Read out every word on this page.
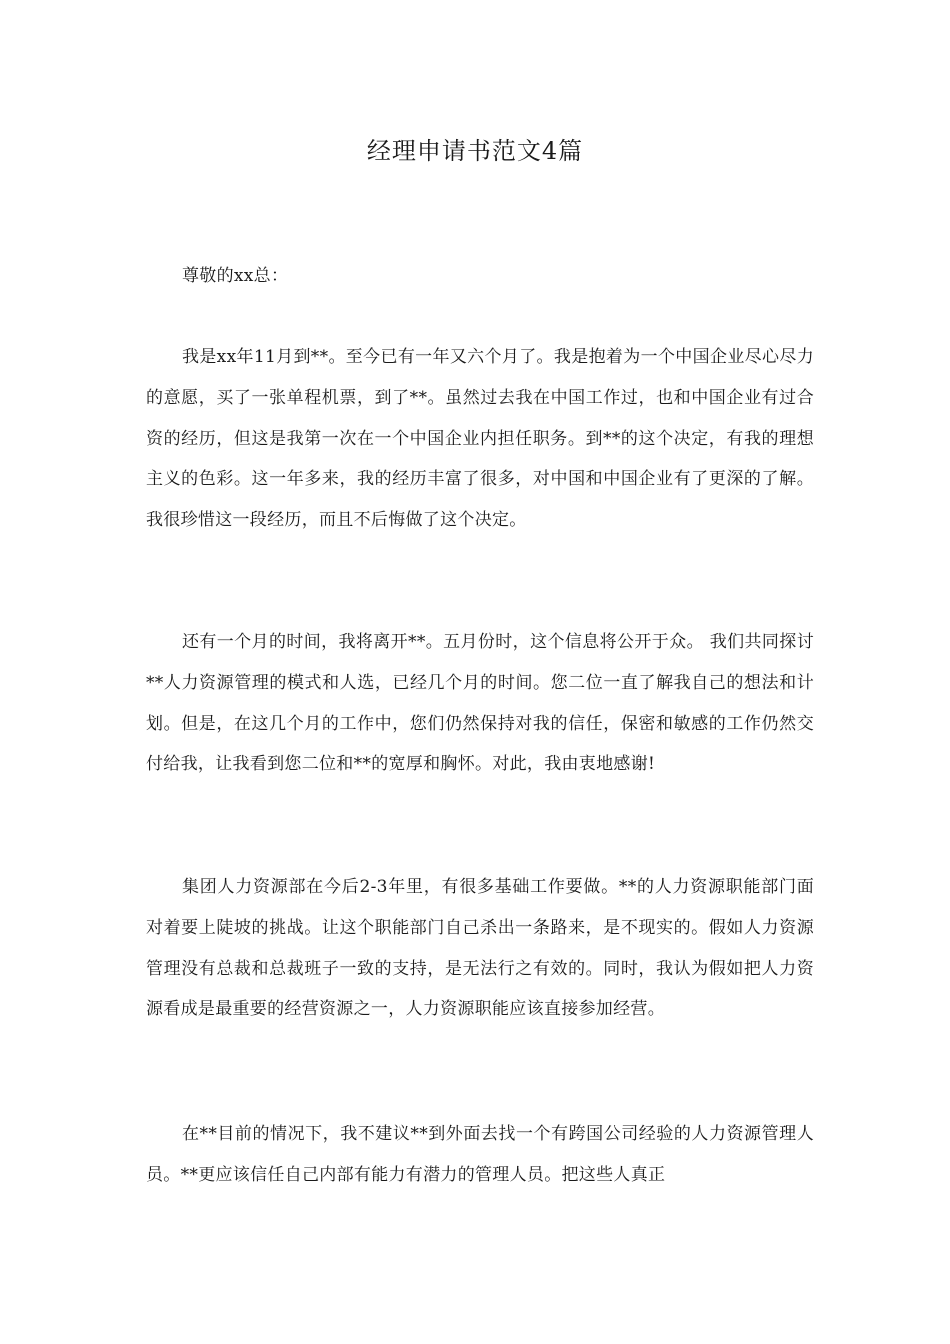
经理申请书范文4篇

尊敬的xx总：

我是xx年11月到**。至今已有一年又六个月了。我是抱着为一个中国企业尽心尽力的意愿，买了一张单程机票，到了**。虽然过去我在中国工作过，也和中国企业有过合资的经历，但这是我第一次在一个中国企业内担任职务。到**的这个决定，有我的理想主义的色彩。这一年多来，我的经历丰富了很多，对中国和中国企业有了更深的了解。我很珍惜这一段经历，而且不后悔做了这个决定。

还有一个月的时间，我将离开**。五月份时，这个信息将公开于众。 我们共同探讨**人力资源管理的模式和人选，已经几个月的时间。您二位一直了解我自己的想法和计划。但是，在这几个月的工作中，您们仍然保持对我的信任，保密和敏感的工作仍然交付给我，让我看到您二位和**的宽厚和胸怀。对此，我由衷地感谢!

集团人力资源部在今后2-3年里，有很多基础工作要做。**的人力资源职能部门面对着要上陡坡的挑战。让这个职能部门自己杀出一条路来，是不现实的。假如人力资源管理没有总裁和总裁班子一致的支持，是无法行之有效的。同时，我认为假如把人力资源看成是最重要的经营资源之一，人力资源职能应该直接参加经营。

在**目前的情况下，我不建议**到外面去找一个有跨国公司经验的人力资源管理人员。**更应该信任自己内部有能力有潜力的管理人员。把这些人真正
